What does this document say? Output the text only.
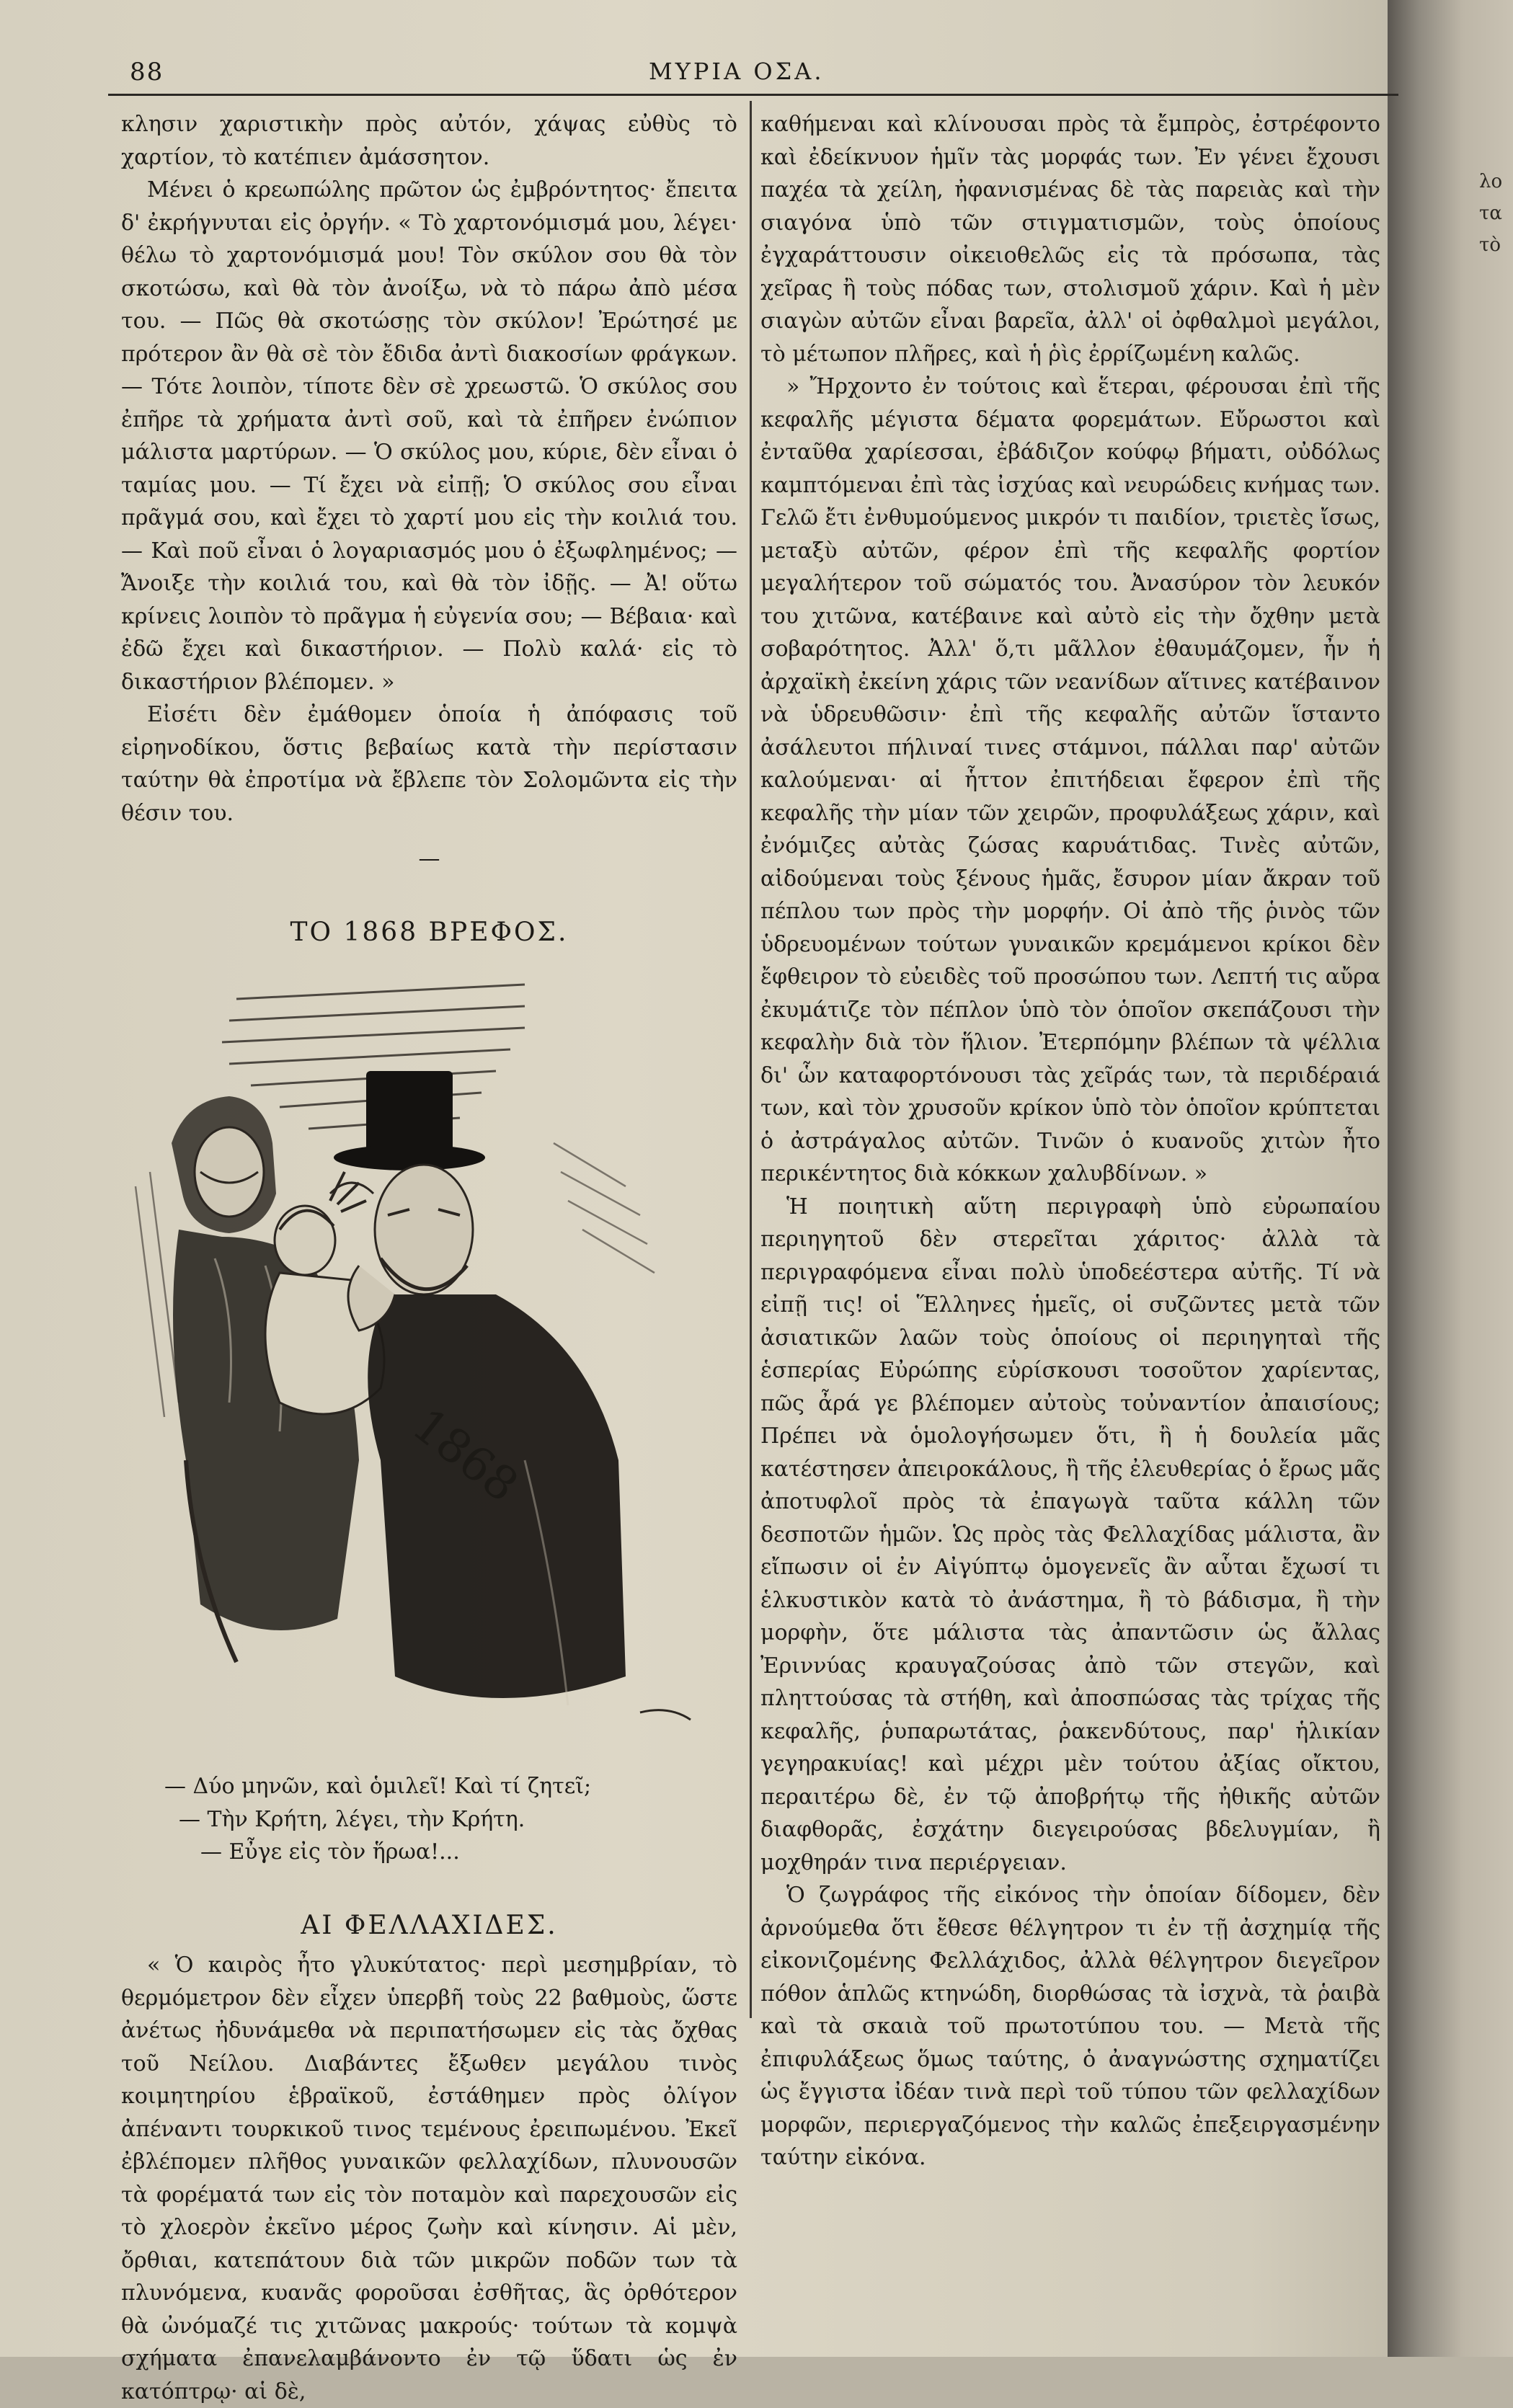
λο
τα
τὸ
88	ΜΥΡΙΑ ΟΣΑ.

κλησιν χαριστικὴν πρὸς αὐτόν, χάψας εὐθὺς τὸ χαρτίον, τὸ κατέπιεν ἀμάσσητον.

Μένει ὁ κρεωπώλης πρῶτον ὡς ἐμβρόντητος· ἔπειτα δ' ἐκρήγνυται εἰς ὀργήν. « Τὸ χαρτονόμισμά μου, λέγει· θέλω τὸ χαρτονόμισμά μου! Τὸν σκύλον σου θὰ τὸν σκοτώσω, καὶ θὰ τὸν ἀνοίξω, νὰ τὸ πάρω ἀπὸ μέσα του. — Πῶς θὰ σκοτώσῃς τὸν σκύλον! Ἐρώτησέ με πρότερον ἂν θὰ σὲ τὸν ἔδιδα ἀντὶ διακοσίων φράγκων. — Τότε λοιπὸν, τίποτε δὲν σὲ χρεωστῶ. Ὁ σκύλος σου ἐπῆρε τὰ χρήματα ἀντὶ σοῦ, καὶ τὰ ἐπῆρεν ἐνώπιον μάλιστα μαρτύρων. — Ὁ σκύλος μου, κύριε, δὲν εἶναι ὁ ταμίας μου. — Τί ἔχει νὰ εἰπῇ; Ὁ σκύλος σου εἶναι πρᾶγμά σου, καὶ ἔχει τὸ χαρτί μου εἰς τὴν κοιλιά του. — Καὶ ποῦ εἶναι ὁ λογαριασμός μου ὁ ἐξωφλημένος; — Ἄνοιξε τὴν κοιλιά του, καὶ θὰ τὸν ἰδῇς. — Ἀ! οὕτω κρίνεις λοιπὸν τὸ πρᾶγμα ἡ εὐγενία σου; — Βέβαια· καὶ ἐδῶ ἔχει καὶ δικαστήριον. — Πολὺ καλά· εἰς τὸ δικαστήριον βλέπομεν. »

Εἰσέτι δὲν ἐμάθομεν ὁποία ἡ ἀπόφασις τοῦ εἰρηνοδίκου, ὅστις βεβαίως κατὰ τὴν περίστασιν ταύτην θὰ ἐπροτίμα νὰ ἔβλεπε τὸν Σολομῶντα εἰς τὴν θέσιν του.

—

ΤΟ 1868 ΒΡΕΦΟΣ.

1868

— Δύο μηνῶν, καὶ ὁμιλεῖ! Καὶ τί ζητεῖ;

— Τὴν Κρήτη, λέγει, τὴν Κρήτη.

— Εὖγε εἰς τὸν ἥρωα!...

ΑΙ ΦΕΛΛΑΧΙΔΕΣ.

« Ὁ καιρὸς ἦτο γλυκύτατος· περὶ μεσημβρίαν, τὸ θερμόμετρον δὲν εἶχεν ὑπερβῆ τοὺς 22 βαθμοὺς, ὥστε ἀνέτως ἠδυνάμεθα νὰ περιπατήσωμεν εἰς τὰς ὄχθας τοῦ Νείλου. Διαβάντες ἔξωθεν μεγάλου τινὸς κοιμητηρίου ἑβραϊκοῦ, ἐστάθημεν πρὸς ὀλίγον ἀπέναντι τουρκικοῦ τινος τεμένους ἐρειπωμένου. Ἐκεῖ ἐβλέπομεν πλῆθος γυναικῶν φελλαχίδων, πλυνουσῶν τὰ φορέματά των εἰς τὸν ποταμὸν καὶ παρεχουσῶν εἰς τὸ χλοερὸν ἐκεῖνο μέρος ζωὴν καὶ κίνησιν. Αἱ μὲν, ὄρθιαι, κατεπάτουν διὰ τῶν μικρῶν ποδῶν των τὰ πλυνόμενα, κυανᾶς φοροῦσαι ἐσθῆτας, ἃς ὀρθότερον θὰ ὠνόμαζέ τις χιτῶνας μακρούς· τούτων τὰ κομψὰ σχήματα ἐπανελαμβάνοντο ἐν τῷ ὕδατι ὡς ἐν κατόπτρῳ· αἱ δὲ,

καθήμεναι καὶ κλίνουσαι πρὸς τὰ ἔμπρὸς, ἐστρέφοντο καὶ ἐδείκνυον ἡμῖν τὰς μορφάς των. Ἐν γένει ἔχουσι παχέα τὰ χείλη, ἠφανισμένας δὲ τὰς παρειὰς καὶ τὴν σιαγόνα ὑπὸ τῶν στιγματισμῶν, τοὺς ὁποίους ἐγχαράττουσιν οἰκειοθελῶς εἰς τὰ πρόσωπα, τὰς χεῖρας ἢ τοὺς πόδας των, στολισμοῦ χάριν. Καὶ ἡ μὲν σιαγὼν αὐτῶν εἶναι βαρεῖα, ἀλλ' οἱ ὀφθαλμοὶ μεγάλοι, τὸ μέτωπον πλῆρες, καὶ ἡ ῥὶς ἐρρίζωμένη καλῶς.

» Ἤρχοντο ἐν τούτοις καὶ ἕτεραι, φέρουσαι ἐπὶ τῆς κεφαλῆς μέγιστα δέματα φορεμάτων. Εὔρωστοι καὶ ἐνταῦθα χαρίεσσαι, ἐβάδιζον κούφῳ βήματι, οὐδόλως καμπτόμεναι ἐπὶ τὰς ἰσχύας καὶ νευρώδεις κνήμας των. Γελῶ ἔτι ἐνθυμούμενος μικρόν τι παιδίον, τριετὲς ἴσως, μεταξὺ αὐτῶν, φέρον ἐπὶ τῆς κεφαλῆς φορτίον μεγαλήτερον τοῦ σώματός του. Ἀνασύρον τὸν λευκόν του χιτῶνα, κατέβαινε καὶ αὐτὸ εἰς τὴν ὄχθην μετὰ σοβαρότητος. Ἀλλ' ὅ,τι μᾶλλον ἐθαυμάζομεν, ἦν ἡ ἀρχαϊκὴ ἐκείνη χάρις τῶν νεανίδων αἵτινες κατέβαινον νὰ ὑδρευθῶσιν· ἐπὶ τῆς κεφαλῆς αὐτῶν ἵσταντο ἀσάλευτοι πήλιναί τινες στάμνοι, πάλλαι παρ' αὐτῶν καλούμεναι· αἱ ἧττον ἐπιτήδειαι ἔφερον ἐπὶ τῆς κεφαλῆς τὴν μίαν τῶν χειρῶν, προφυλάξεως χάριν, καὶ ἐνόμιζες αὐτὰς ζώσας καρυάτιδας. Τινὲς αὐτῶν, αἰδούμεναι τοὺς ξένους ἡμᾶς, ἔσυρον μίαν ἄκραν τοῦ πέπλου των πρὸς τὴν μορφήν. Οἱ ἀπὸ τῆς ῥινὸς τῶν ὑδρευομένων τούτων γυναικῶν κρεμάμενοι κρίκοι δὲν ἔφθειρον τὸ εὐειδὲς τοῦ προσώπου των. Λεπτή τις αὔρα ἐκυμάτιζε τὸν πέπλον ὑπὸ τὸν ὁποῖον σκεπάζουσι τὴν κεφαλὴν διὰ τὸν ἥλιον. Ἐτερπόμην βλέπων τὰ ψέλλια δι' ὧν καταφορτόνουσι τὰς χεῖράς των, τὰ περιδέραιά των, καὶ τὸν χρυσοῦν κρίκον ὑπὸ τὸν ὁποῖον κρύπτεται ὁ ἀστράγαλος αὐτῶν. Τινῶν ὁ κυανοῦς χιτὼν ἦτο περικέντητος διὰ κόκκων χαλυβδίνων. »

Ἡ ποιητικὴ αὕτη περιγραφὴ ὑπὸ εὐρωπαίου περιηγητοῦ δὲν στερεῖται χάριτος· ἀλλὰ τὰ περιγραφόμενα εἶναι πολὺ ὑποδεέστερα αὐτῆς. Τί νὰ εἰπῇ τις! οἱ Ἕλληνες ἡμεῖς, οἱ συζῶντες μετὰ τῶν ἀσιατικῶν λαῶν τοὺς ὁποίους οἱ περιηγηταὶ τῆς ἑσπερίας Εὐρώπης εὑρίσκουσι τοσοῦτον χαρίεντας, πῶς ἆρά γε βλέπομεν αὐτοὺς τοὐναντίον ἀπαισίους; Πρέπει νὰ ὁμολογήσωμεν ὅτι, ἢ ἡ δουλεία μᾶς κατέστησεν ἀπειροκάλους, ἢ τῆς ἐλευθερίας ὁ ἔρως μᾶς ἀποτυφλοῖ πρὸς τὰ ἐπαγωγὰ ταῦτα κάλλη τῶν δεσποτῶν ἡμῶν. Ὡς πρὸς τὰς Φελλαχίδας μάλιστα, ἂν εἴπωσιν οἱ ἐν Αἰγύπτῳ ὁμογενεῖς ἂν αὗται ἔχωσί τι ἑλκυστικὸν κατὰ τὸ ἀνάστημα, ἢ τὸ βάδισμα, ἢ τὴν μορφὴν, ὅτε μάλιστα τὰς ἀπαντῶσιν ὡς ἄλλας Ἐριννύας κραυγαζούσας ἀπὸ τῶν στεγῶν, καὶ πληττούσας τὰ στήθη, καὶ ἀποσπώσας τὰς τρίχας τῆς κεφαλῆς, ῥυπαρωτάτας, ῥακενδύτους, παρ' ἡλικίαν γεγηρακυίας! καὶ μέχρι μὲν τούτου ἀξίας οἴκτου, περαιτέρω δὲ, ἐν τῷ ἀποβρήτῳ τῆς ἠθικῆς αὐτῶν διαφθορᾶς, ἐσχάτην διεγειρούσας βδελυγμίαν, ἢ μοχθηράν τινα περιέργειαν.

Ὁ ζωγράφος τῆς εἰκόνος τὴν ὁποίαν δίδομεν, δὲν ἀρνούμεθα ὅτι ἔθεσε θέλγητρον τι ἐν τῇ ἀσχημίᾳ τῆς εἰκονιζομένης Φελλάχιδος, ἀλλὰ θέλγητρον διεγεῖρον πόθον ἁπλῶς κτηνώδη, διορθώσας τὰ ἰσχνὰ, τὰ ῥαιβὰ καὶ τὰ σκαιὰ τοῦ πρωτοτύπου του. — Μετὰ τῆς ἐπιφυλάξεως ὅμως ταύτης, ὁ ἀναγνώστης σχηματίζει ὡς ἔγγιστα ἰδέαν τινὰ περὶ τοῦ τύπου τῶν φελλαχίδων μορφῶν, περιεργαζόμενος τὴν καλῶς ἐπεξειργασμένην ταύτην εἰκόνα.
